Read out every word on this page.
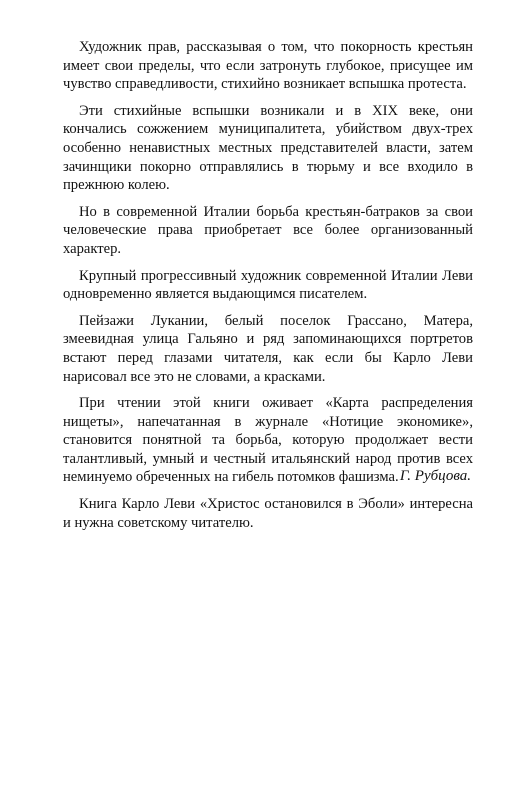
Художник прав, рассказывая о том, что покорность крестьян имеет свои пределы, что если затронуть глубокое, присущее им чувство справедливости, стихийно возникает вспышка протеста.

Эти стихийные вспышки возникали и в XIX веке, они кончались сожжением муниципалитета, убийством двух-трех особенно ненавистных местных представителей власти, затем зачинщики покорно отправлялись в тюрьму и все входило в прежнюю колею.

Но в современной Италии борьба крестьян-батраков за свои человеческие права приобретает все более организованный характер.

Крупный прогрессивный художник современной Италии Леви одновременно является выдающимся писателем.

Пейзажи Лукании, белый поселок Грассано, Матера, змеевидная улица Гальяно и ряд запоминающихся портретов встают перед глазами читателя, как если бы Карло Леви нарисовал все это не словами, а красками.

При чтении этой книги оживает «Карта распределения нищеты», напечатанная в журнале «Нотицие экономике», становится понятной та борьба, которую продолжает вести талантливый, умный и честный итальянский народ против всех неминуемо обреченных на гибель потомков фашизма.

Книга Карло Леви «Христос остановился в Эболи» интересна и нужна советскому читателю.

Г. Рубцова.
